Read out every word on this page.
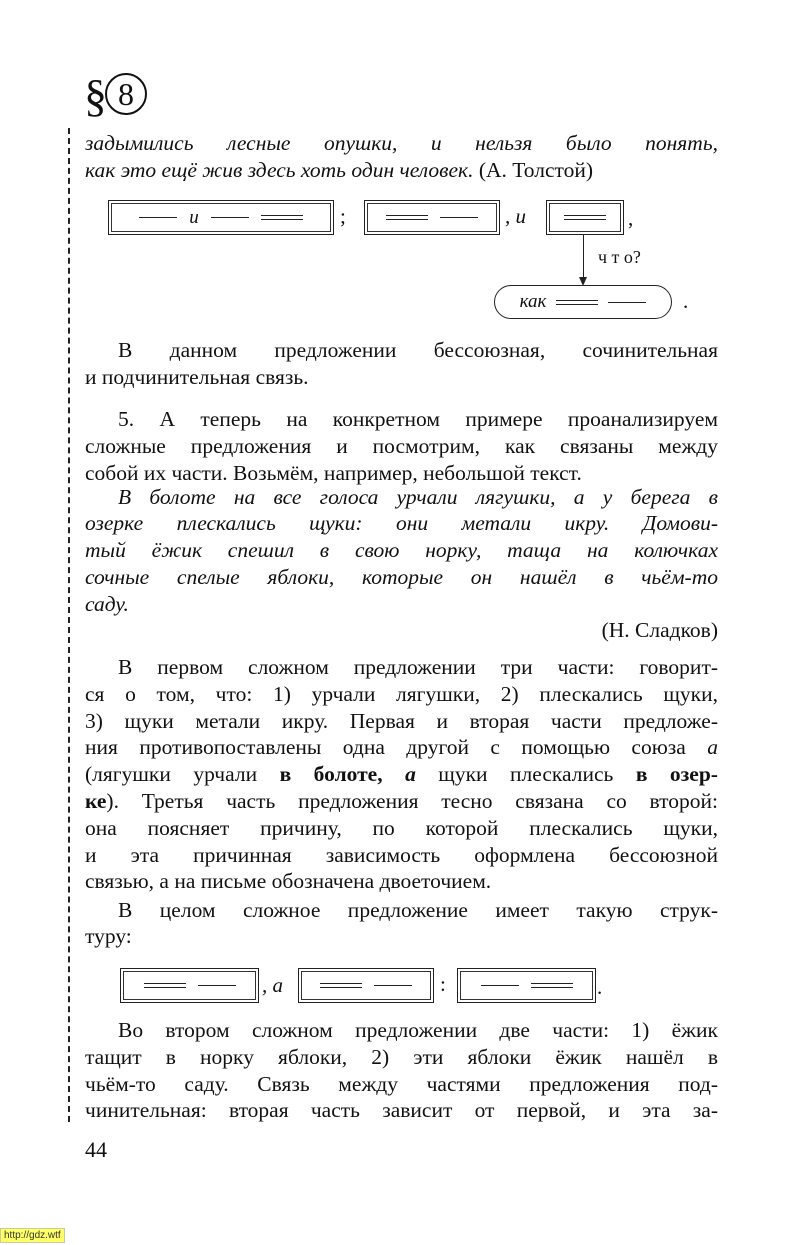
§ 8
задымились лесные опушки, и нельзя было понять,
как это ещё жив здесь хоть один человек. (А. Толстой)
и	;	, и	,
ч т о?
как	.
В данном предложении бессоюзная, сочинительная
и подчинительная связь.
5. А теперь на конкретном примере проанализируем
сложные предложения и посмотрим, как связаны между
собой их части. Возьмём, например, небольшой текст.
В болоте на все голоса урчали лягушки, а у берега в
озерке плескались щуки: они метали икру. Домови-
тый ёжик спешил в свою норку, таща на колючках
сочные спелые яблоки, которые он нашёл в чьём-то
саду.
(Н. Сладков)
В первом сложном предложении три части: говорит-
ся о том, что: 1) урчали лягушки, 2) плескались щуки,
3) щуки метали икру. Первая и вторая части предложе-
ния противопоставлены одна другой с помощью союза а
(лягушки урчали в болоте, а щуки плескались в озер-
ке). Третья часть предложения тесно связана со второй:
она поясняет причину, по которой плескались щуки,
и эта причинная зависимость оформлена бессоюзной
связью, а на письме обозначена двоеточием.
В целом сложное предложение имеет такую струк-
туру:
Во втором сложном предложении две части: 1) ёжик
тащит в норку яблоки, 2) эти яблоки ёжик нашёл в
чьём-то саду. Связь между частями предложения под-
чинительная: вторая часть зависит от первой, и эта за-
, а	:	.
44
http://gdz.wtf
